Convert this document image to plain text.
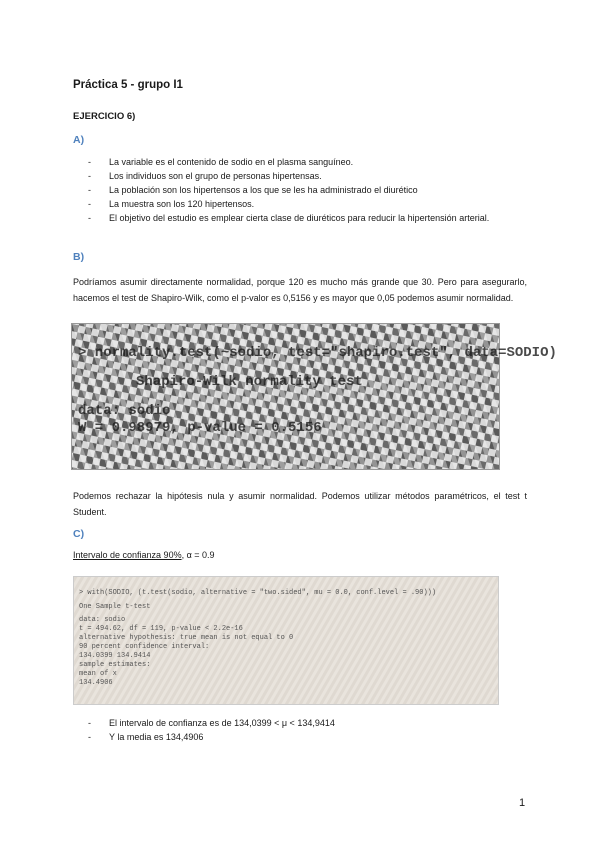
Práctica 5 - grupo I1
EJERCICIO 6)
A)
- La variable es el contenido de sodio en el plasma sanguíneo.
- Los individuos son el grupo de personas hipertensas.
- La población son los hipertensos a los que se les ha administrado el diurético
- La muestra son los 120 hipertensos.
- El objetivo del estudio es emplear cierta clase de diuréticos para reducir la hipertensión arterial.
B)
Podríamos asumir directamente normalidad, porque 120 es mucho más grande que 30. Pero para asegurarlo, hacemos el test de Shapiro-Wilk, como el p-valor es 0,5156 y es mayor que 0,05 podemos asumir normalidad.
> normality.test(~sodio, test="shapiro.test", data=SODIO)
Shapiro-Wilk normality test
data: sodio
W = 0.98979, p-value = 0.5156
Podemos rechazar la hipótesis nula y asumir normalidad. Podemos utilizar métodos paramétricos, el test t Student.
C)
Intervalo de confianza 90%, α = 0.9
> with(SODIO, (t.test(sodio, alternative = "two.sided", mu = 0.0, conf.level = .90)))
One Sample t-test
data: sodio
t = 494.62, df = 119, p-value < 2.2e-16
alternative hypothesis: true mean is not equal to 0
90 percent confidence interval:
134.0399 134.9414
sample estimates:
mean of x
134.4906
- El intervalo de confianza es de 134,0399 < μ < 134,9414
- Y la media es 134,4906
1
